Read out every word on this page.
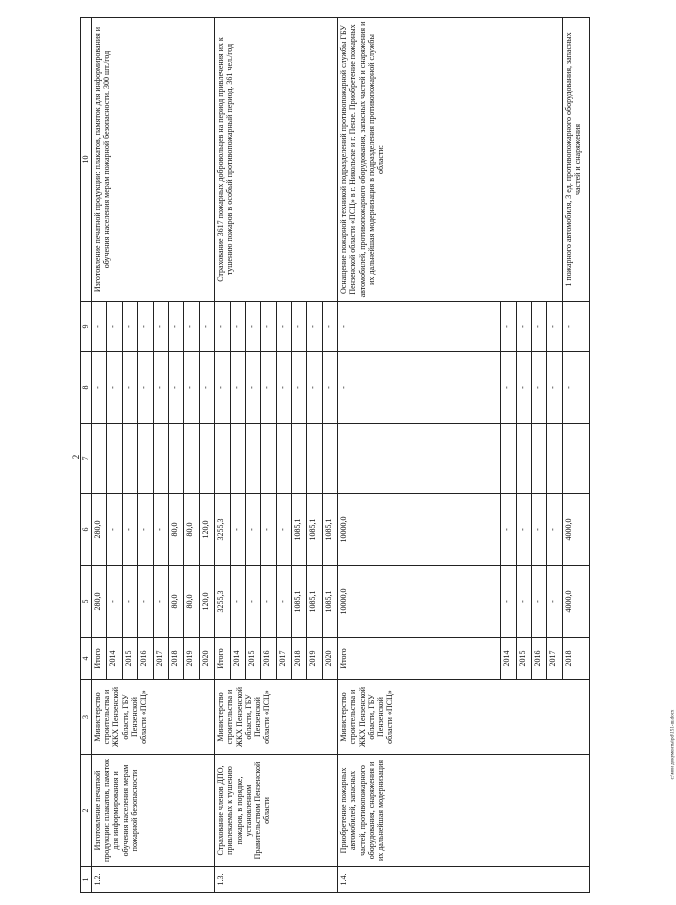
2
1	2	3	4	5	6	7	8	9	10
1.2.	Изготовление печатной продукции: плакатов, памяток для информирования и обучения населения мерам пожарной безопасности	Министерство строительства и ЖКХ Пензенской области, ГБУ Пензенской области «ПСЦ»	Итого	280,0	280,0		-	-	Изготовление печатной продукции: плакатов, памяток для информирования и обучения населения мерам пожарной безопасности. 300 шт./год
			2014	-	-		-	-	
			2015	-	-		-	-	
			2016	-	-		-	-	
			2017	-	-		-	-	
			2018	80,0	80,0		-	-	
			2019	80,0	80,0		-	-	
			2020	120,0	120,0		-	-	
1.3.	Страхование членов ДПО, привлекаемых к тушению пожаров, в порядке, установленном Правительством Пензенской области	Министерство строительства и ЖКХ Пензенской области, ГБУ Пензенской области «ПСЦ»	Итого	3255,3	3255,3		-	-	Страхование 3617 пожарных добровольцев на период привлечения их к тушению пожаров в особый противопожарный период. 361 чел./год
			2014	-	-		-	-	
			2015	-	-		-	-	
			2016	-	-		-	-	
			2017	-	-		-	-	
			2018	1085,1	1085,1		-	-	
			2019	1085,1	1085,1		-	-	
			2020	1085,1	1085,1		-	-	
1.4.	Приобретение пожарных автомобилей, запасных частей, противопожарного оборудования, снаряжения и их дальнейшая модернизация	Министерство строительства и ЖКХ Пензенской области, ГБУ Пензенской области «ПСЦ»	Итого	10000,0	10000,0		-	-	Оснащение пожарной техникой подразделений противопожарной службы ГБУ Пензенской области «ПСЦ» в г. Никольске и г. Пензе. Приобретение пожарных автомобилей, противопожарного оборудования, запасных частей и снаряжения и их дальнейшая модернизация в подразделения противопожарной службы области:
			2014	-	-		-	-	
			2015	-	-		-	-	
			2016	-	-		-	-	
			2017	-	-		-	-	
			2018	4000,0	4000,0		-	-	1 пожарного автомобиля, 3 ед. противопожарного оборудования, запасных частей и снаряжения
c:\мои документы\pd\151-ш.docx
